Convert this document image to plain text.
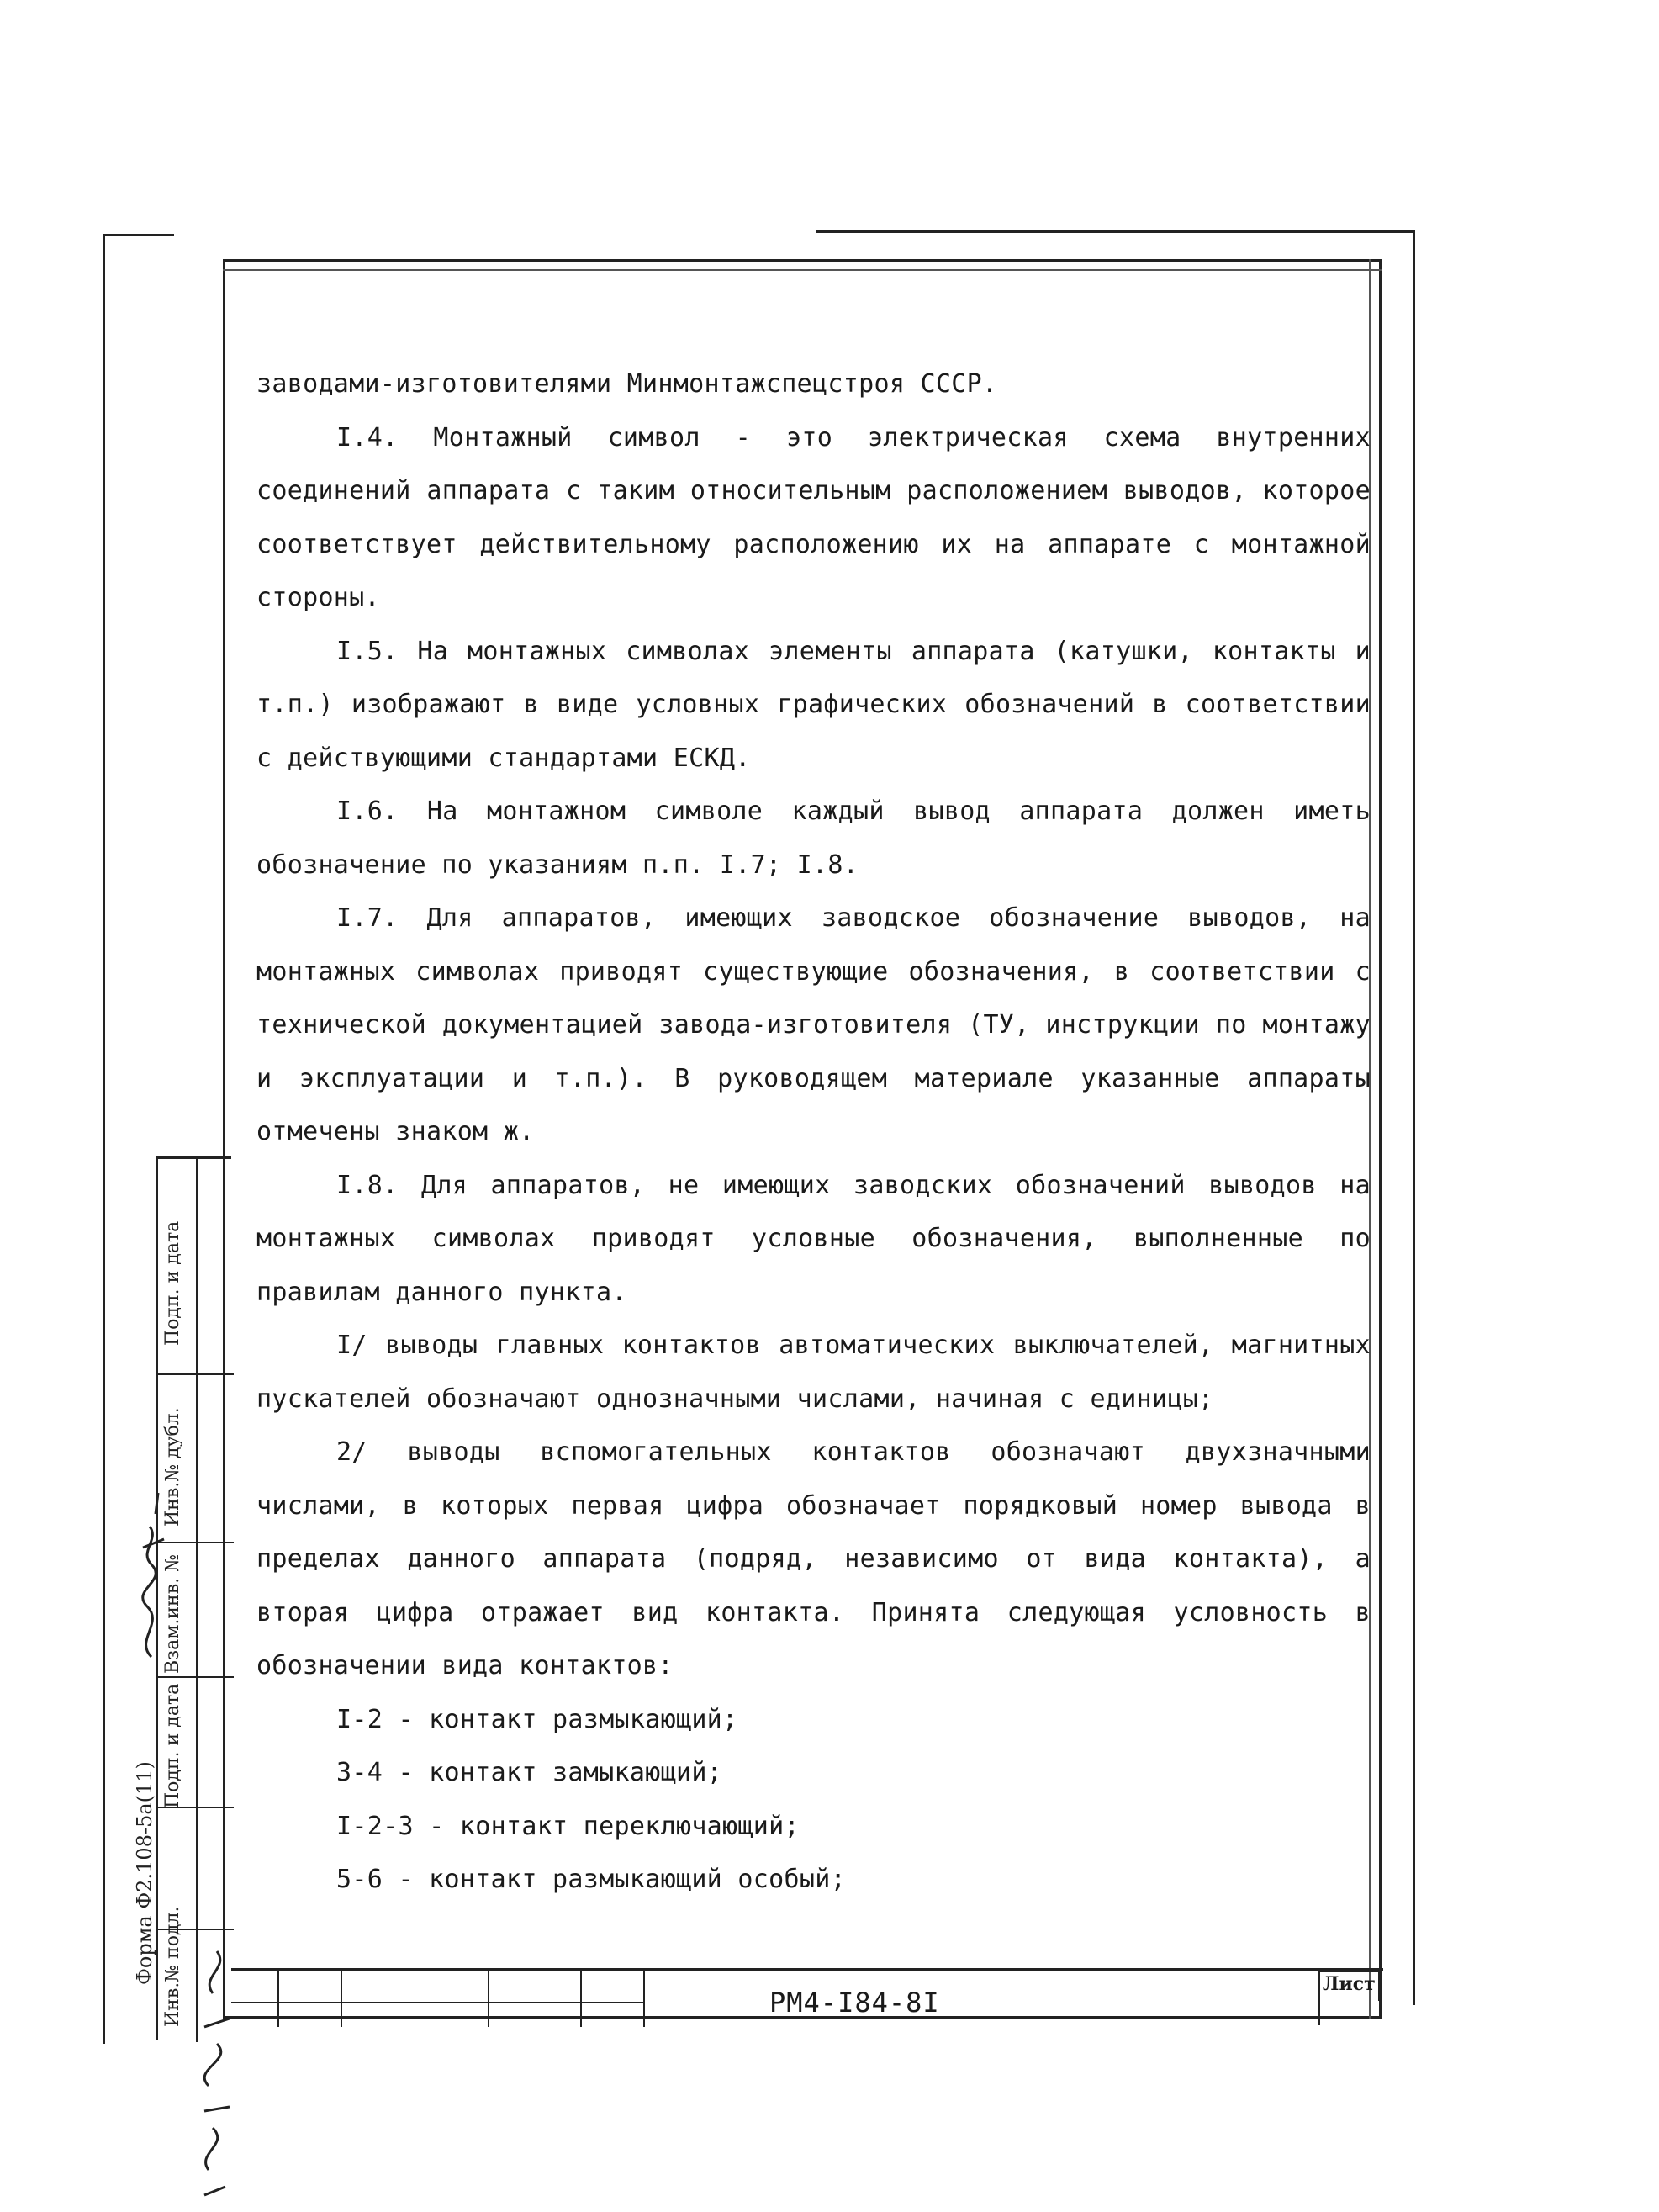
заводами-изготовителями Минмонтажспецстроя СССР.

I.4. Монтажный символ - это электрическая схема внутренних соединений аппарата с таким относительным расположением выводов, которое соответствует действительному расположению их на аппарате с монтажной стороны.

I.5. На монтажных символах элементы аппарата (катушки, контакты и т.п.) изображают в виде условных графических обозначений в соответствии с действующими стандартами ЕСКД.

I.6. На монтажном символе каждый вывод аппарата должен иметь обозначение по указаниям п.п. I.7; I.8.

I.7. Для аппаратов, имеющих заводское обозначение выводов, на монтажных символах приводят существующие обозначения, в соответствии с технической документацией завода-изготовителя (ТУ, инструкции по монтажу и эксплуатации и т.п.). В руководящем материале указанные аппараты отмечены знаком ж.

I.8. Для аппаратов, не имеющих заводских обозначений выводов на монтажных символах приводят условные обозначения, выполненные по правилам данного пункта.

I/ выводы главных контактов автоматических выключателей, магнитных пускателей обозначают однозначными числами, начиная с единицы;

2/ выводы вспомогательных контактов обозначают двухзначными числами, в которых первая цифра обозначает порядковый номер вывода в пределах данного аппарата (подряд, независимо от вида контакта), а вторая цифра отражает вид контакта. Принята следующая условность в обозначении вида контактов:

I-2 - контакт размыкающий;

3-4 - контакт замыкающий;

I-2-3 - контакт переключающий;

5-6 - контакт размыкающий особый;

Подп. и дата
Инв.№ дубл.
Взам.инв. №
Подп. и дата
Инв.№ подл.
Форма Ф2.108-5а(11)
РМ4-I84-8I
Лист
